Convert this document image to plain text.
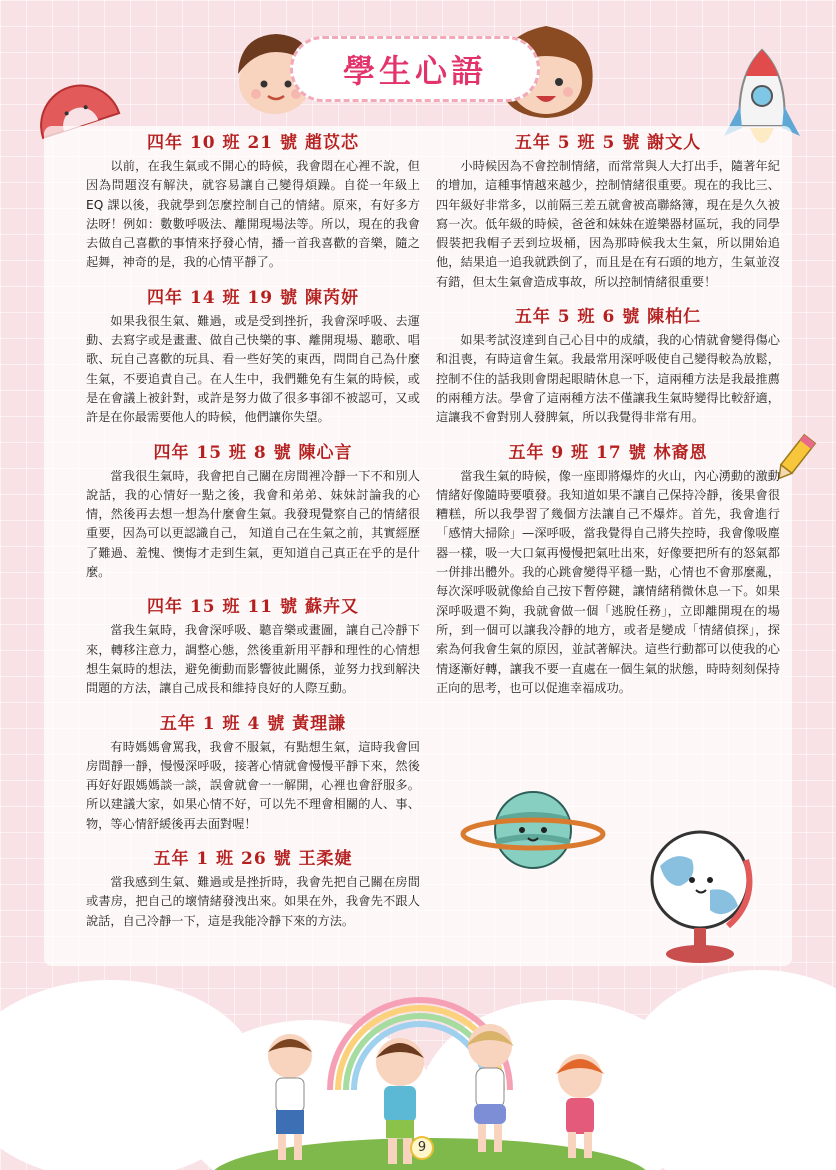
學生心語

四年 10 班 21 號 趙苡芯

以前，在我生氣或不開心的時候，我會悶在心裡不說，但因為問題沒有解決，就容易讓自己變得煩躁。自從一年級上 EQ 課以後，我就學到怎麼控制自己的情緒。原來，有好多方法呀！例如：數數呼吸法、離開現場法等。所以，現在的我會去做自己喜歡的事情來抒發心情，播一首我喜歡的音樂，隨之起舞，神奇的是，我的心情平靜了。

四年 14 班 19 號 陳芮妍

如果我很生氣、難過，或是受到挫折，我會深呼吸、去運動、去寫字或是畫畫、做自己快樂的事、離開現場、聽歌、唱歌、玩自己喜歡的玩具、看一些好笑的東西，問問自己為什麼生氣，不要追責自己。在人生中，我們難免有生氣的時候，或是在會議上被針對，或許是努力做了很多事卻不被認可，又或許是在你最需要他人的時候，他們讓你失望。

四年 15 班 8 號 陳心言

當我很生氣時，我會把自己關在房間裡冷靜一下不和別人說話，我的心情好一點之後，我會和弟弟、妹妹討論我的心情，然後再去想一想為什麼會生氣。我發現覺察自己的情緒很重要，因為可以更認識自己， 知道自己在生氣之前，其實經歷了難過、羞愧、懊悔才走到生氣，更知道自己真正在乎的是什麼。

四年 15 班 11 號 蘇卉又

當我生氣時，我會深呼吸、聽音樂或畫圖，讓自己冷靜下來，轉移注意力，調整心態，然後重新用平靜和理性的心情想想生氣時的想法，避免衝動而影響彼此關係，並努力找到解決問題的方法，讓自己成長和維持良好的人際互動。

五年 1 班 4 號 黃理謙

有時媽媽會罵我，我會不服氣，有點想生氣，這時我會回房間靜一靜，慢慢深呼吸，接著心情就會慢慢平靜下來，然後再好好跟媽媽談一談，誤會就會一一解開，心裡也會舒服多。所以建議大家，如果心情不好，可以先不理會相關的人、事、物，等心情舒緩後再去面對喔！

五年 1 班 26 號 王柔婕

當我感到生氣、難過或是挫折時，我會先把自己關在房間或書房，把自己的壞情緒發洩出來。如果在外，我會先不跟人說話，自己冷靜一下，這是我能冷靜下來的方法。

五年 5 班 5 號 謝文人

小時候因為不會控制情緒，而常常與人大打出手，隨著年紀的增加，這種事情越來越少，控制情緒很重要。現在的我比三、四年級好非常多，以前隔三差五就會被高聯絡簿，現在是久久被寫一次。低年級的時候，爸爸和妹妹在遊樂器材區玩，我的同學假裝把我帽子丟到垃圾桶，因為那時候我太生氣，所以開始追他，結果追一追我就跌倒了，而且是在有石頭的地方，生氣並沒有錯，但太生氣會造成事故，所以控制情緒很重要！

五年 5 班 6 號 陳柏仁

如果考試沒達到自己心目中的成績，我的心情就會變得傷心和沮喪，有時這會生氣。我最常用深呼吸使自己變得較為放鬆，控制不住的話我則會閉起眼睛休息一下，這兩種方法是我最推薦的兩種方法。學會了這兩種方法不僅讓我生氣時變得比較舒適，這讓我不會對別人發脾氣，所以我覺得非常有用。

五年 9 班 17 號 林裔恩

當我生氣的時候，像一座即將爆炸的火山，內心湧動的激動情緒好像隨時要噴發。我知道如果不讓自己保持冷靜，後果會很糟糕，所以我學習了幾個方法讓自己不爆炸。首先，我會進行「感情大掃除」—深呼吸，當我覺得自己將失控時，我會像吸塵器一樣，吸一大口氣再慢慢把氣吐出來，好像要把所有的怒氣都一併排出體外。我的心跳會變得平穩一點，心情也不會那麼亂，每次深呼吸就像給自己按下暫停鍵，讓情緒稍微休息一下。如果深呼吸還不夠，我就會做一個「逃脫任務」，立即離開現在的場所，到一個可以讓我冷靜的地方，或者是變成「情緒偵探」，探索為何我會生氣的原因，並試著解決。這些行動都可以使我的心情逐漸好轉，讓我不要一直處在一個生氣的狀態，時時刻刻保持正向的思考，也可以促進幸福成功。

9
